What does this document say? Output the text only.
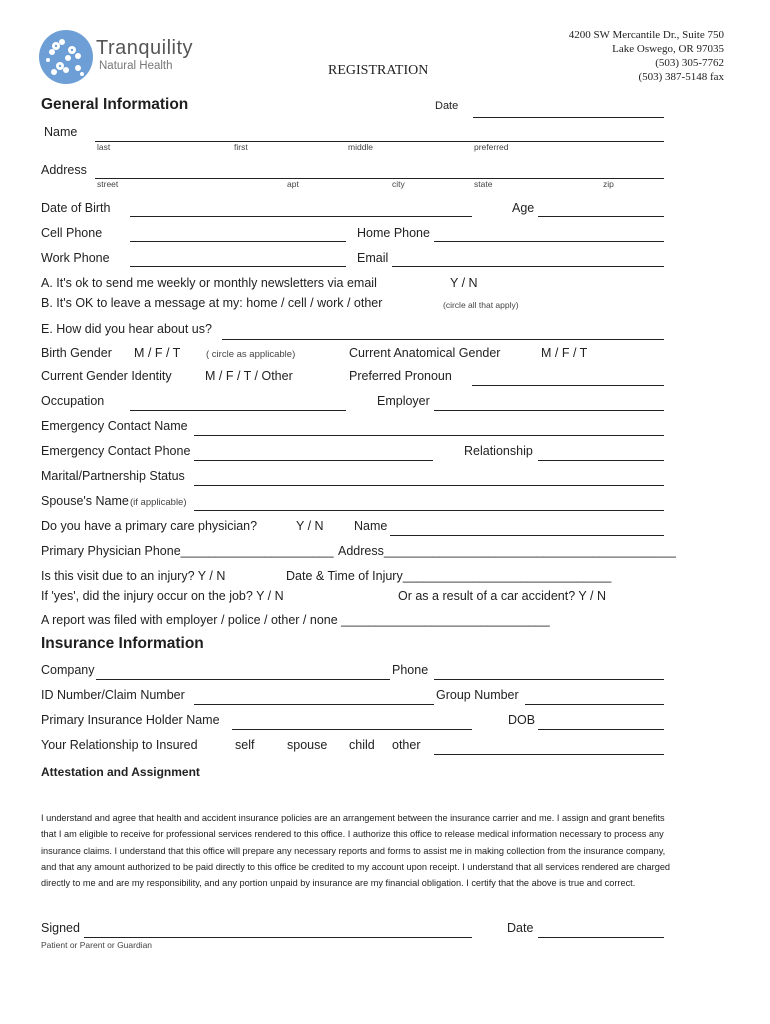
Tranquility
Natural Health
4200 SW Mercantile Dr., Suite 750
Lake Oswego, OR 97035
(503) 305-7762
(503) 387-5148 fax
REGISTRATION
General Information	Date
Name
last	first	middle	preferred
Address
street	apt	city	state	zip
Date of Birth	Age
Cell Phone	Home Phone
Work Phone	Email
A. It's ok to send me weekly or monthly newsletters via email	Y / N
B. It's OK to leave a message at my: home / cell / work / other	(circle all that apply)
E. How did you hear about us?
Birth Gender M / F / T	( circle as applicable)	Current Anatomical Gender	M / F / T
Current Gender Identity	M / F / T / Other	Preferred Pronoun
Occupation	Employer
Emergency Contact Name
Emergency Contact Phone	Relationship
Marital/Partnership Status
Spouse's Name (if applicable)
Do you have a primary care physician?	Y / N Name
Primary Physician Phone______________________ Address__________________________________________
Is this visit due to an injury? Y / N	Date & Time of Injury______________________________
If 'yes', did the injury occur on the job? Y / N	Or as a result of a car accident? Y / N
A report was filed with employer / police / other / none ______________________________
Insurance Information
Company	Phone
ID Number/Claim Number	Group Number
Primary Insurance Holder Name	DOB
Your Relationship to Insured	self	spouse child other
Attestation and Assignment
I understand and agree that health and accident insurance policies are an arrangement between the insurance carrier and me. I assign and grant benefits that I am eligible to receive for professional services rendered to this office. I authorize this office to release medical information necessary to process any insurance claims. I understand that this office will prepare any necessary reports and forms to assist me in making collection from the insurance company, and that any amount authorized to be paid directly to this office be credited to my account upon receipt. I understand that all services rendered are charged directly to me and are my responsibility, and any portion unpaid by insurance are my financial obligation. I certify that the above is true and correct.
Signed
Patient or Parent or Guardian
Date
